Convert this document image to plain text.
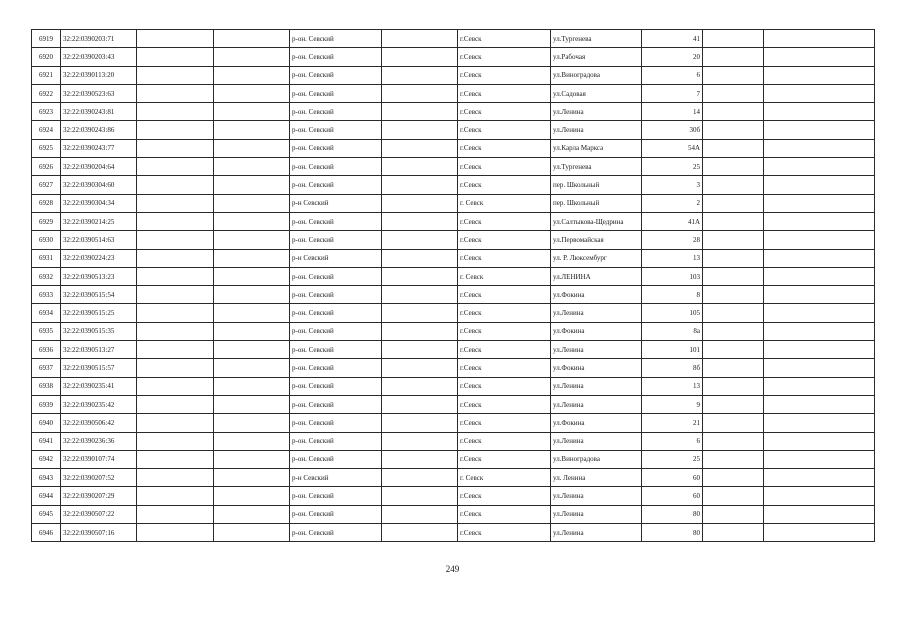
6919	32:22:0390203:71			р-он. Севский		г.Севск	ул.Тургенева	41		
6920	32:22:0390203:43			р-он. Севский		г.Севск	ул.Рабочая	20		
6921	32:22:0390113:20			р-он. Севский		г.Севск	ул.Виноградова	6		
6922	32:22:0390523:63			р-он. Севский		г.Севск	ул.Садовая	7		
6923	32:22:0390243:81			р-он. Севский		г.Севск	ул.Ленина	14		
6924	32:22:0390243:86			р-он. Севский		г.Севск	ул.Ленина	30б		
6925	32:22:0390243:77			р-он. Севский		г.Севск	ул.Карла Маркса	54А		
6926	32:22:0390204:64			р-он. Севский		г.Севск	ул.Тургенева	25		
6927	32:22:0390304:60			р-он. Севский		г.Севск	пер. Школьный	3		
6928	32:22:0390304:34			р-н Севский		г. Севск	пер. Школьный	2		
6929	32:22:0390214:25			р-он. Севский		г.Севск	ул.Салтыкова-Щедрина	41А		
6930	32:22:0390514:63			р-он. Севский		г.Севск	ул.Первомайская	28		
6931	32:22:0390224:23			р-н Севский		г.Севск	ул. Р. Люксембург	13		
6932	32:22:0390513:23			р-он. Севский		г. Севск	ул.ЛЕНИНА	103		
6933	32:22:0390515:54			р-он. Севский		г.Севск	ул.Фокина	8		
6934	32:22:0390515:25			р-он. Севский		г.Севск	ул.Ленина	105		
6935	32:22:0390515:35			р-он. Севский		г.Севск	ул.Фокина	8а		
6936	32:22:0390513:27			р-он. Севский		г.Севск	ул.Ленина	101		
6937	32:22:0390515:57			р-он. Севский		г.Севск	ул.Фокина	8б		
6938	32:22:0390235:41			р-он. Севский		г.Севск	ул.Ленина	13		
6939	32:22:0390235:42			р-он. Севский		г.Севск	ул.Ленина	9		
6940	32:22:0390506:42			р-он. Севский		г.Севск	ул.Фокина	21		
6941	32:22:0390236:36			р-он. Севский		г.Севск	ул.Ленина	6		
6942	32:22:0390107:74			р-он. Севский		г.Севск	ул.Виноградова	25		
6943	32:22:0390207:52			р-н Севский		г. Севск	ул. Ленина	60		
6944	32:22:0390207:29			р-он. Севский		г.Севск	ул.Ленина	60		
6945	32:22:0390507:22			р-он. Севский		г.Севск	ул.Ленина	80		
6946	32:22:0390507:16			р-он. Севский		г.Севск	ул.Ленина	80		
249
